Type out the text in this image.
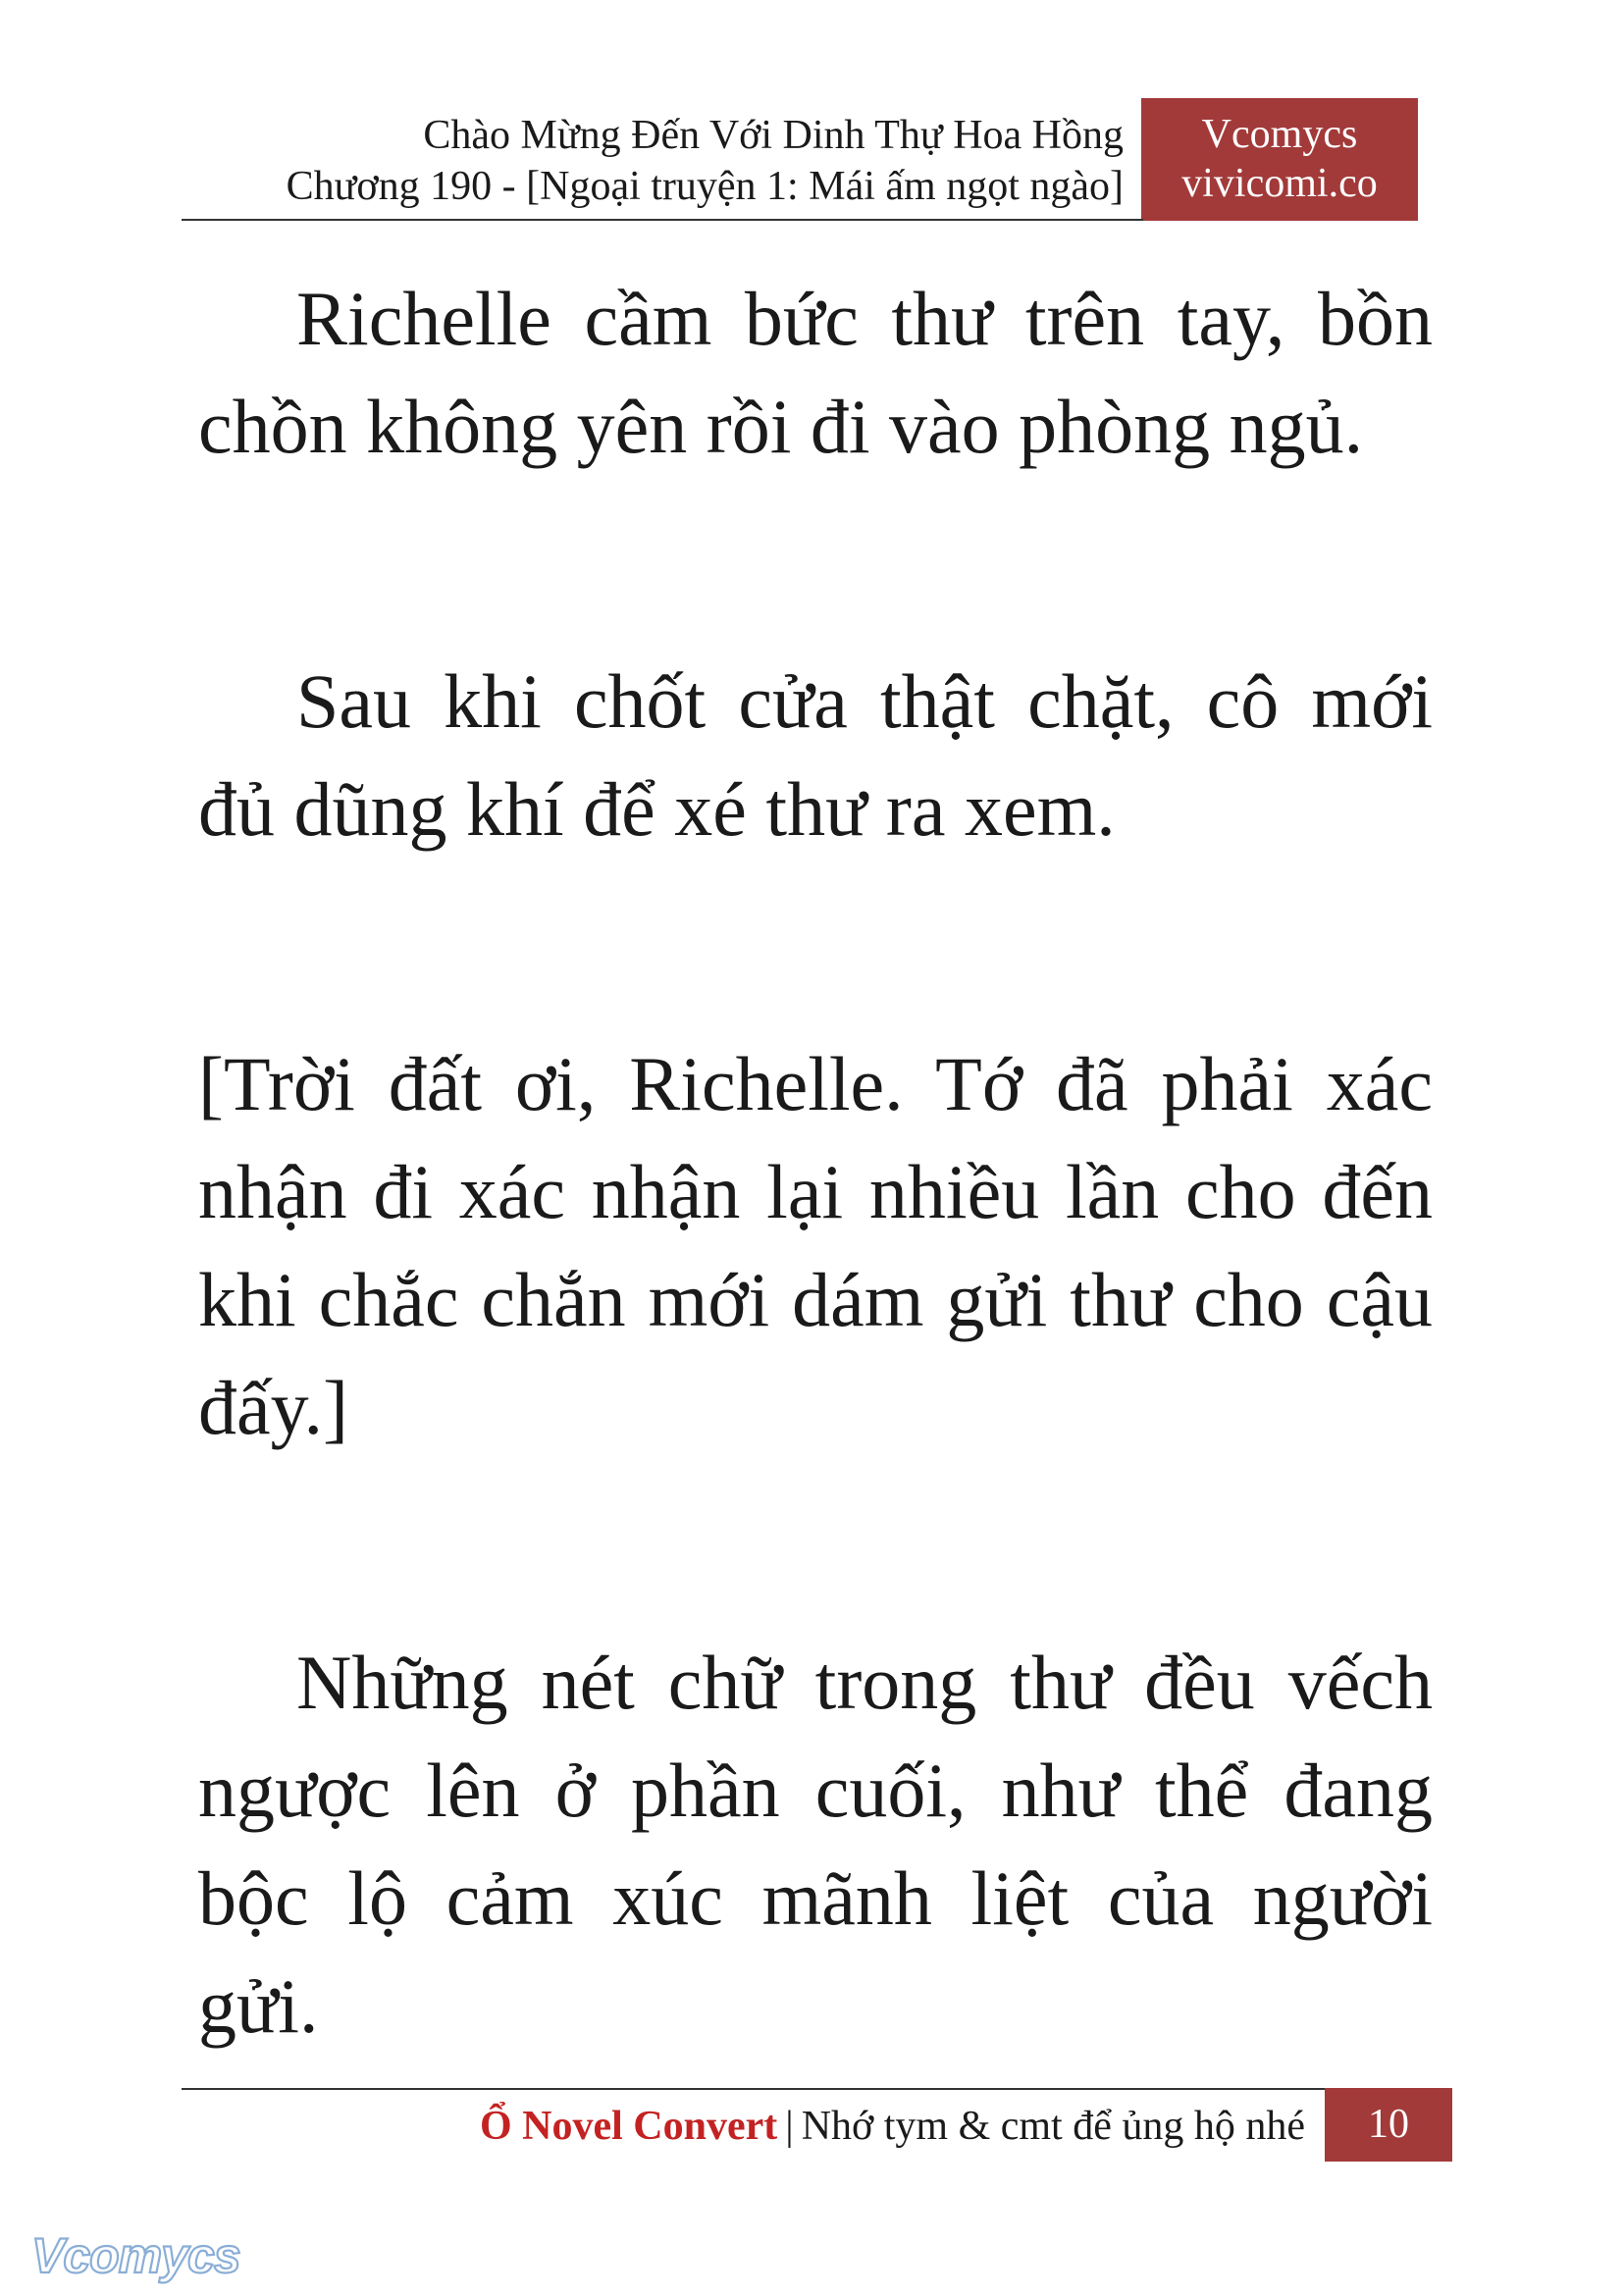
Chào Mừng Đến Với Dinh Thự Hoa Hồng
Chương 190 - [Ngoại truyện 1: Mái ấm ngọt ngào]
Vcomycs
vivicomi.co

Richelle cầm bức thư trên tay, bồn chồn không yên rồi đi vào phòng ngủ.

Sau khi chốt cửa thật chặt, cô mới đủ dũng khí để xé thư ra xem.

[Trời đất ơi, Richelle. Tớ đã phải xác nhận đi xác nhận lại nhiều lần cho đến khi chắc chắn mới dám gửi thư cho cậu đấy.]

Những nét chữ trong thư đều vếch ngược lên ở phần cuối, như thể đang bộc lộ cảm xúc mãnh liệt của người gửi.

Ổ Novel Convert | Nhớ tym & cmt để ủng hộ nhé	10
Vcomycs
